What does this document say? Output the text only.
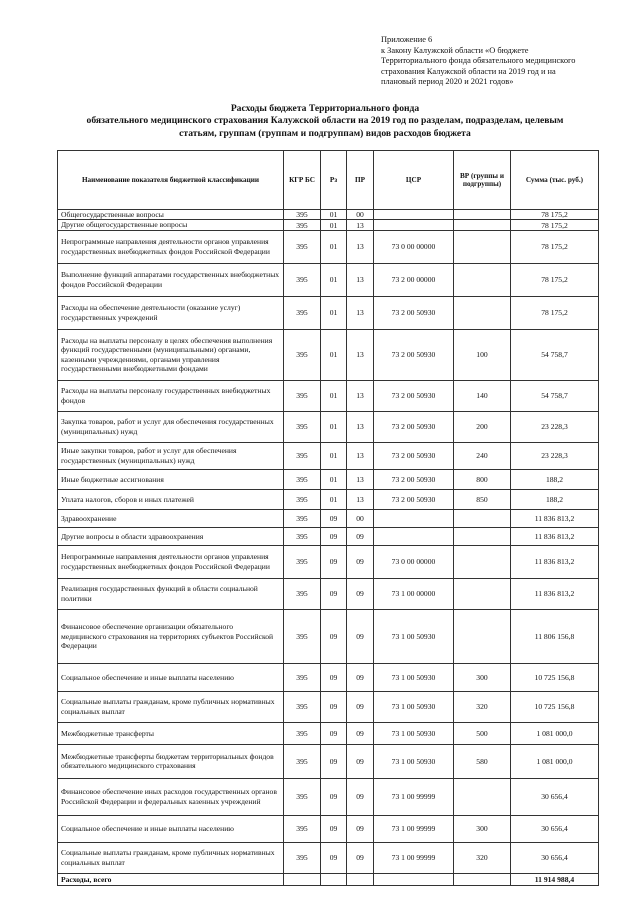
Приложение 6
к Закону Калужской области «О бюджете
Территориального фонда обязательного медицинского
страхования Калужской области на 2019 год и на
плановый период 2020 и 2021 годов»
Расходы бюджета Территориального фонда
обязательного медицинского страхования Калужской области на 2019 год по разделам, подразделам, целевым
статьям, группам (группам и подгруппам) видов расходов бюджета
Наименование показателя бюджетной классификации	КГР БС	Рз	ПР	ЦСР	ВР (группы и подгруппы)	Сумма (тыс. руб.)
Общегосударственные вопросы	395	01	00			78 175,2
Другие общегосударственные вопросы	395	01	13			78 175,2
Непрограммные направления деятельности органов управления государственных внебюджетных фондов Российской Федерации	395	01	13	73 0 00 00000		78 175,2
Выполнение функций аппаратами государственных внебюджетных фондов Российской Федерации	395	01	13	73 2 00 00000		78 175,2
Расходы на обеспечение деятельности (оказание услуг) государственных учреждений	395	01	13	73 2 00 50930		78 175,2
Расходы на выплаты персоналу в целях обеспечения выполнения функций государственными (муниципальными) органами, казенными учреждениями, органами управления государственными внебюджетными фондами	395	01	13	73 2 00 50930	100	54 758,7
Расходы на выплаты персоналу государственных внебюджетных фондов	395	01	13	73 2 00 50930	140	54 758,7
Закупка товаров, работ и услуг для обеспечения государственных (муниципальных) нужд	395	01	13	73 2 00 50930	200	23 228,3
Иные закупки товаров, работ и услуг для обеспечения государственных (муниципальных) нужд	395	01	13	73 2 00 50930	240	23 228,3
Иные бюджетные ассигнования	395	01	13	73 2 00 50930	800	188,2
Уплата налогов, сборов и иных платежей	395	01	13	73 2 00 50930	850	188,2
Здравоохранение	395	09	00			11 836 813,2
Другие вопросы в области здравоохранения	395	09	09			11 836 813,2
Непрограммные направления деятельности органов управления государственных внебюджетных фондов Российской Федерации	395	09	09	73 0 00 00000		11 836 813,2
Реализация государственных функций в области социальной политики	395	09	09	73 1 00 00000		11 836 813,2
Финансовое обеспечение организации обязательного медицинского страхования на территориях субъектов Российской Федерации	395	09	09	73 1 00 50930		11 806 156,8
Социальное обеспечение и иные выплаты населению	395	09	09	73 1 00 50930	300	10 725 156,8
Социальные выплаты гражданам, кроме публичных нормативных социальных выплат	395	09	09	73 1 00 50930	320	10 725 156,8
Межбюджетные трансферты	395	09	09	73 1 00 50930	500	1 081 000,0
Межбюджетные трансферты бюджетам территориальных фондов обязательного медицинского страхования	395	09	09	73 1 00 50930	580	1 081 000,0
Финансовое обеспечение иных расходов государственных органов Российской Федерации и федеральных казенных учреждений	395	09	09	73 1 00 99999		30 656,4
Социальное обеспечение и иные выплаты населению	395	09	09	73 1 00 99999	300	30 656,4
Социальные выплаты гражданам, кроме публичных нормативных социальных выплат	395	09	09	73 1 00 99999	320	30 656,4
Расходы, всего						11 914 988,4
